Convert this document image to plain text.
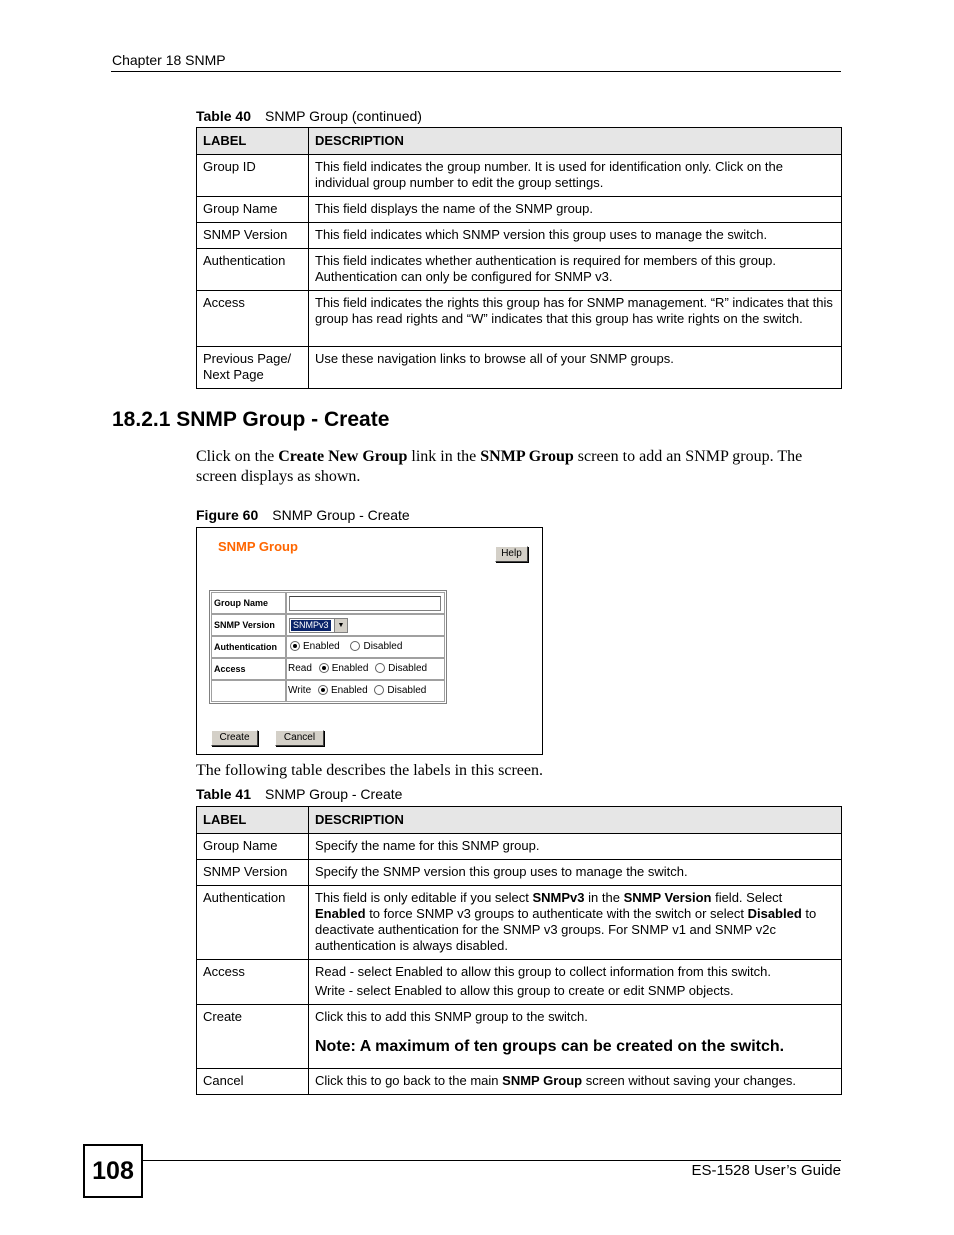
Chapter 18 SNMP
Table 40 SNMP Group (continued)
LABEL	DESCRIPTION
Group ID	This field indicates the group number. It is used for identification only. Click on the individual group number to edit the group settings.
Group Name	This field displays the name of the SNMP group.
SNMP Version	This field indicates which SNMP version this group uses to manage the switch.
Authentication	This field indicates whether authentication is required for members of this group. Authentication can only be configured for SNMP v3.
Access	This field indicates the rights this group has for SNMP management. “R” indicates that this group has read rights and “W” indicates that this group has write rights on the switch.
Previous Page/ Next Page	Use these navigation links to browse all of your SNMP groups.
18.2.1 SNMP Group - Create
Click on the Create New Group link in the SNMP Group screen to add an SNMP group. The screen displays as shown.
Figure 60 SNMP Group - Create
SNMP Group	Help
Group Name
SNMP Version	SNMPv3	▼
Authentication	Enabled Disabled
Access	Read Enabled Disabled
Write Enabled Disabled
Create	Cancel
The following table describes the labels in this screen.
Table 41 SNMP Group - Create
LABEL	DESCRIPTION
Group Name	Specify the name for this SNMP group.
SNMP Version	Specify the SNMP version this group uses to manage the switch.
Authentication	This field is only editable if you select SNMPv3 in the SNMP Version field. Select Enabled to force SNMP v3 groups to authenticate with the switch or select Disabled to deactivate authentication for the SNMP v3 groups. For SNMP v1 and SNMP v2c authentication is always disabled.
Access	Read - select Enabled to allow this group to collect information from this switch.
Write - select Enabled to allow this group to create or edit SNMP objects.

Create	Click this to add this SNMP group to the switch.
Note: A maximum of ten groups can be created on the switch.

Cancel	Click this to go back to the main SNMP Group screen without saving your changes.
108	ES-1528 User’s Guide
